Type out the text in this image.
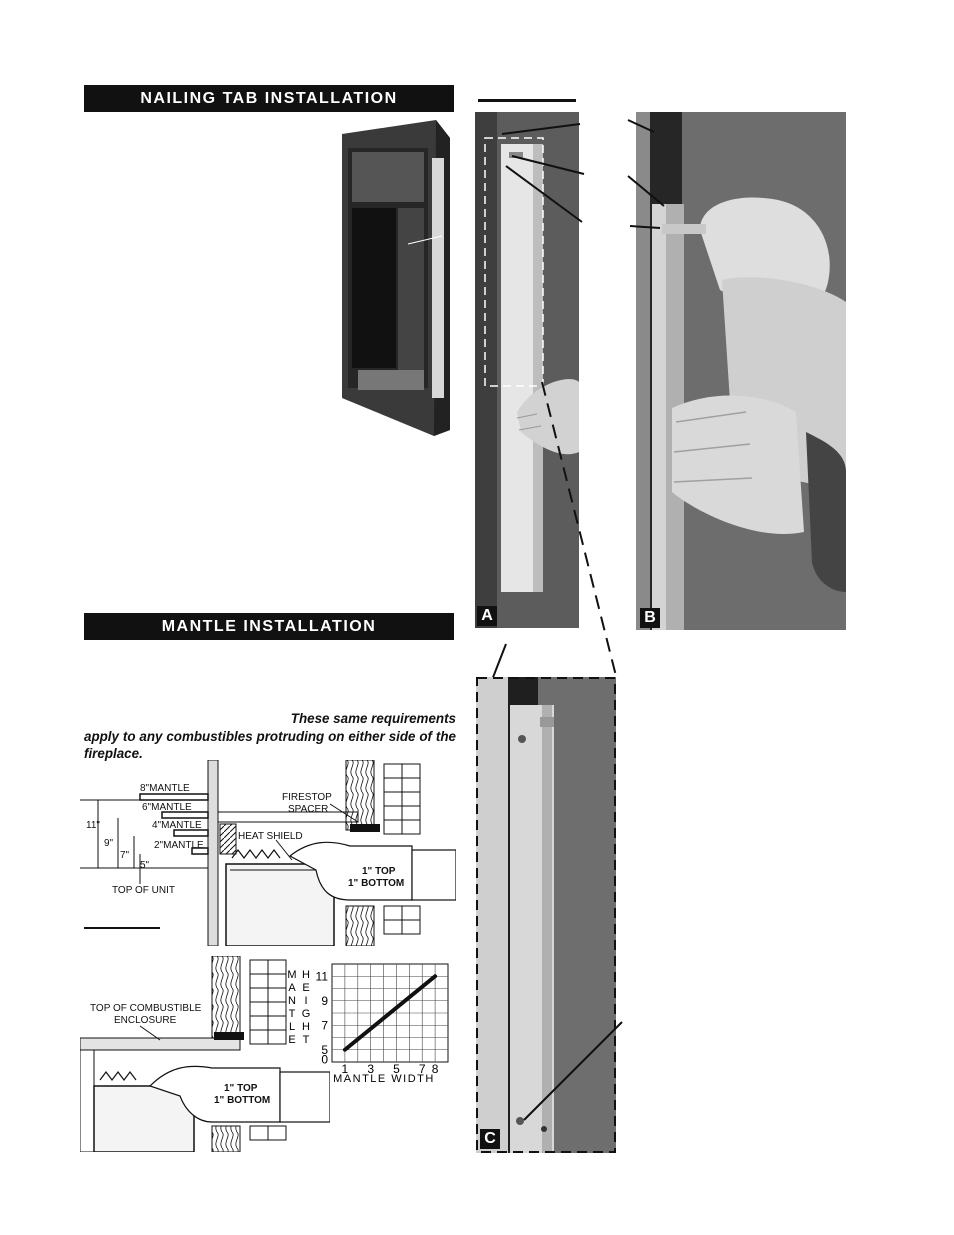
NAILING TAB INSTALLATION
MANTLE INSTALLATION
A	B
C
These same requirements
apply to any combustibles protruding on either side of the fireplace.
8"MANTLE
6"MANTLE
4"MANTLE
2"MANTLE
11"
9"
7"
5"
TOP OF UNIT
HEAT SHIELD
FIRESTOP
SPACER
1" TOP
1" BOTTOM
TOP OF COMBUSTIBLE
ENCLOSURE
1" TOP
1" BOTTOM
M
A
N
T
L
E
H
E
I
G
H
T
11
9
7
5
0
1 3 5 7 8
MANTLE WIDTH
